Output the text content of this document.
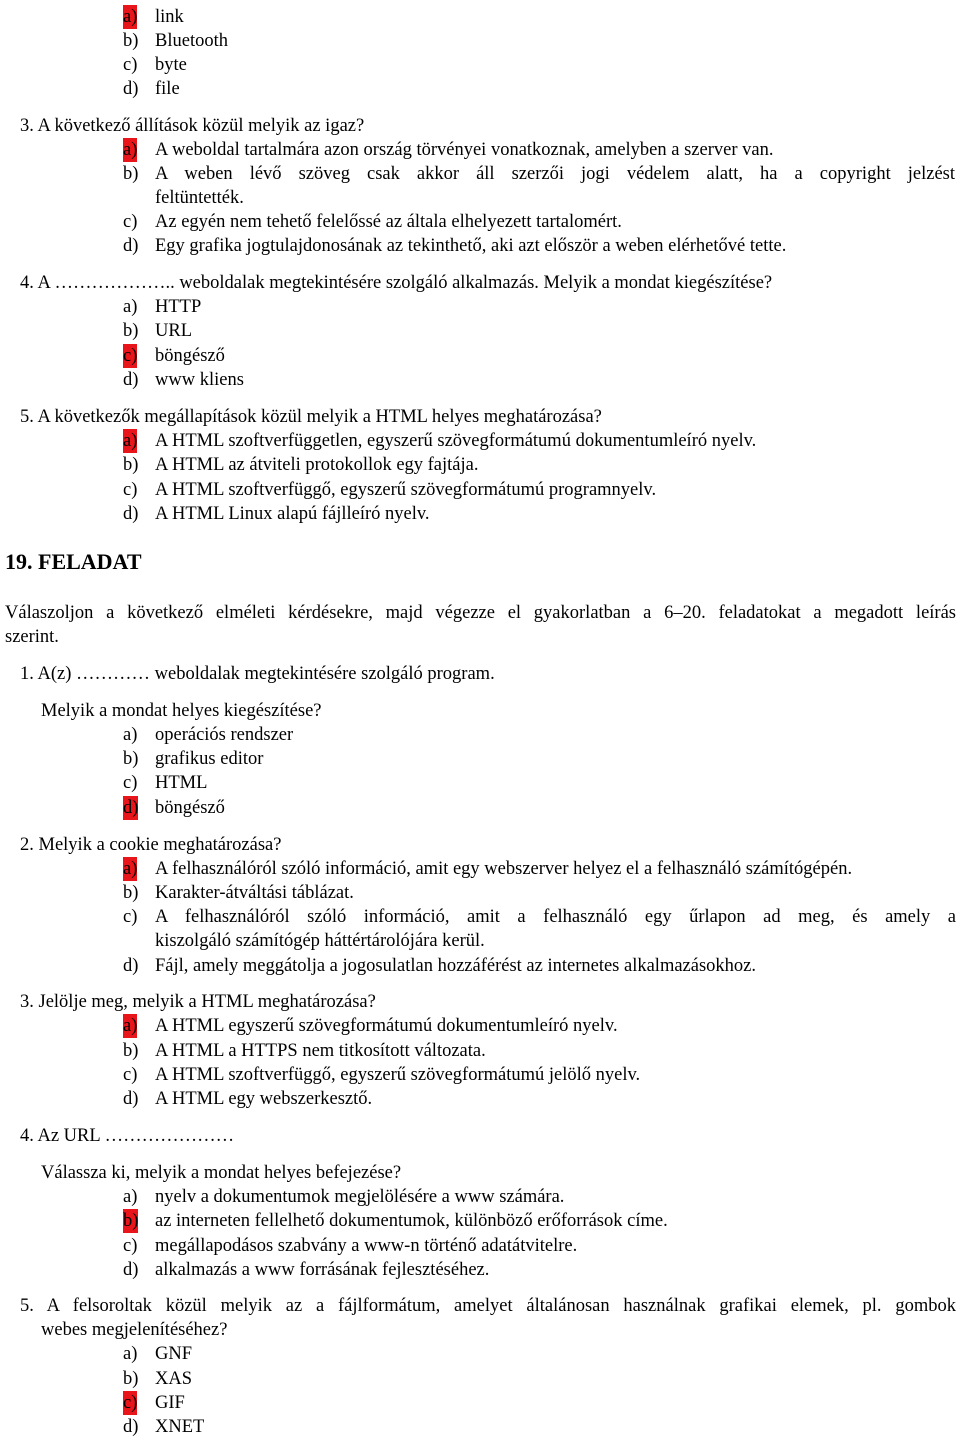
a) link
b) Bluetooth
c) byte
d) file
3. A következő állítások közül melyik az igaz?
a) A weboldal tartalmára azon ország törvényei vonatkoznak, amelyben a szerver van.
b) A weben lévő szöveg csak akkor áll szerzői jogi védelem alatt, ha a copyright jelzést
feltüntették.
c) Az egyén nem tehető felelőssé az általa elhelyezett tartalomért.
d) Egy grafika jogtulajdonosának az tekinthető, aki azt először a weben elérhetővé tette.
4. A ……………….. weboldalak megtekintésére szolgáló alkalmazás. Melyik a mondat kiegészítése?
a) HTTP
b) URL
c) böngésző
d) www kliens
5. A következők megállapítások közül melyik a HTML helyes meghatározása?
a) A HTML szoftverfüggetlen, egyszerű szövegformátumú dokumentumleíró nyelv.
b) A HTML az átviteli protokollok egy fajtája.
c) A HTML szoftverfüggő, egyszerű szövegformátumú programnyelv.
d) A HTML Linux alapú fájlleíró nyelv.
19. FELADAT
Válaszoljon a következő elméleti kérdésekre, majd végezze el gyakorlatban a 6–20. feladatokat a megadott leírás
szerint.
1. A(z) ………… weboldalak megtekintésére szolgáló program.
Melyik a mondat helyes kiegészítése?
a) operációs rendszer
b) grafikus editor
c) HTML
d) böngésző
2. Melyik a cookie meghatározása?
a) A felhasználóról szóló információ, amit egy webszerver helyez el a felhasználó számítógépén.
b) Karakter-átváltási táblázat.
c) A felhasználóról szóló információ, amit a felhasználó egy űrlapon ad meg, és amely a
kiszolgáló számítógép háttértárolójára kerül.
d) Fájl, amely meggátolja a jogosulatlan hozzáférést az internetes alkalmazásokhoz.
3. Jelölje meg, melyik a HTML meghatározása?
a) A HTML egyszerű szövegformátumú dokumentumleíró nyelv.
b) A HTML a HTTPS nem titkosított változata.
c) A HTML szoftverfüggő, egyszerű szövegformátumú jelölő nyelv.
d) A HTML egy webszerkesztő.
4. Az URL …………………
Válassza ki, melyik a mondat helyes befejezése?
a) nyelv a dokumentumok megjelölésére a www számára.
b) az interneten fellelhető dokumentumok, különböző erőforrások címe.
c) megállapodásos szabvány a www-n történő adatátvitelre.
d) alkalmazás a www forrásának fejlesztéséhez.
5. A felsoroltak közül melyik az a fájlformátum, amelyet általánosan használnak grafikai elemek, pl. gombok
webes megjelenítéséhez?
a) GNF
b) XAS
c) GIF
d) XNET
